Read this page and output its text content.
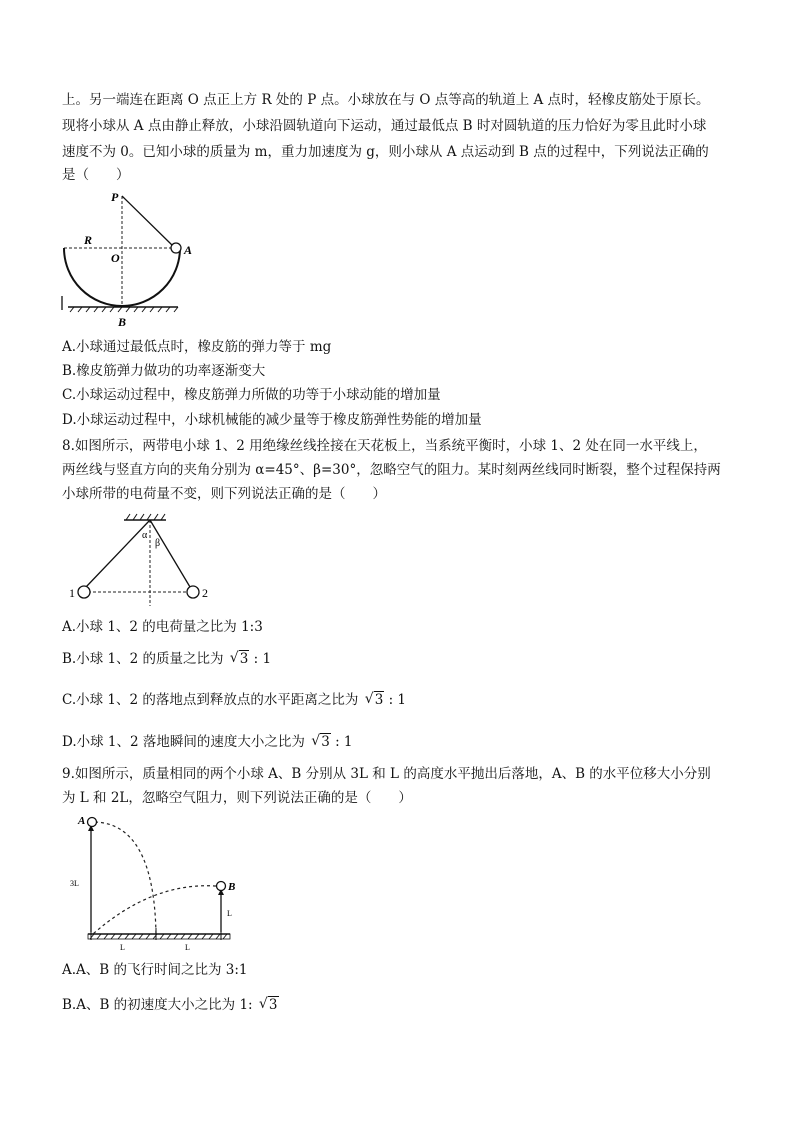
上。另一端连在距离 O 点正上方 R 处的 P 点。小球放在与 O 点等高的轨道上 A 点时，轻橡皮筋处于原长。
现将小球从 A 点由静止释放，小球沿圆轨道向下运动，通过最低点 B 时对圆轨道的压力恰好为零且此时小球
速度不为 0。已知小球的质量为 m，重力加速度为 g，则小球从 A 点运动到 B 点的过程中，下列说法正确的
是（　　）
P
R
O
A
B
A.小球通过最低点时，橡皮筋的弹力等于 mg
B.橡皮筋弹力做功的功率逐渐变大
C.小球运动过程中，橡皮筋弹力所做的功等于小球动能的增加量
D.小球运动过程中，小球机械能的减少量等于橡皮筋弹性势能的增加量
8.如图所示，两带电小球 1、2 用绝缘丝线拴接在天花板上，当系统平衡时，小球 1、2 处在同一水平线上，
两丝线与竖直方向的夹角分别为 α=45°、β=30°，忽略空气的阻力。某时刻两丝线同时断裂，整个过程保持两
小球所带的电荷量不变，则下列说法正确的是（　　）
α
β
1	2
A.小球 1、2 的电荷量之比为 1:3
B.小球 1、2 的质量之比为 √ 3 : 1
C.小球 1、2 的落地点到释放点的水平距离之比为 √ 3 : 1
D.小球 1、2 落地瞬间的速度大小之比为 √ 3 : 1
9.如图所示，质量相同的两个小球 A、B 分别从 3L 和 L 的高度水平抛出后落地，A、B 的水平位移大小分别
为 L 和 2L，忽略空气阻力，则下列说法正确的是（　　）
A
B
3L
L
L	L
A.A、B 的飞行时间之比为 3:1
B.A、B 的初速度大小之比为 1: √ 3
